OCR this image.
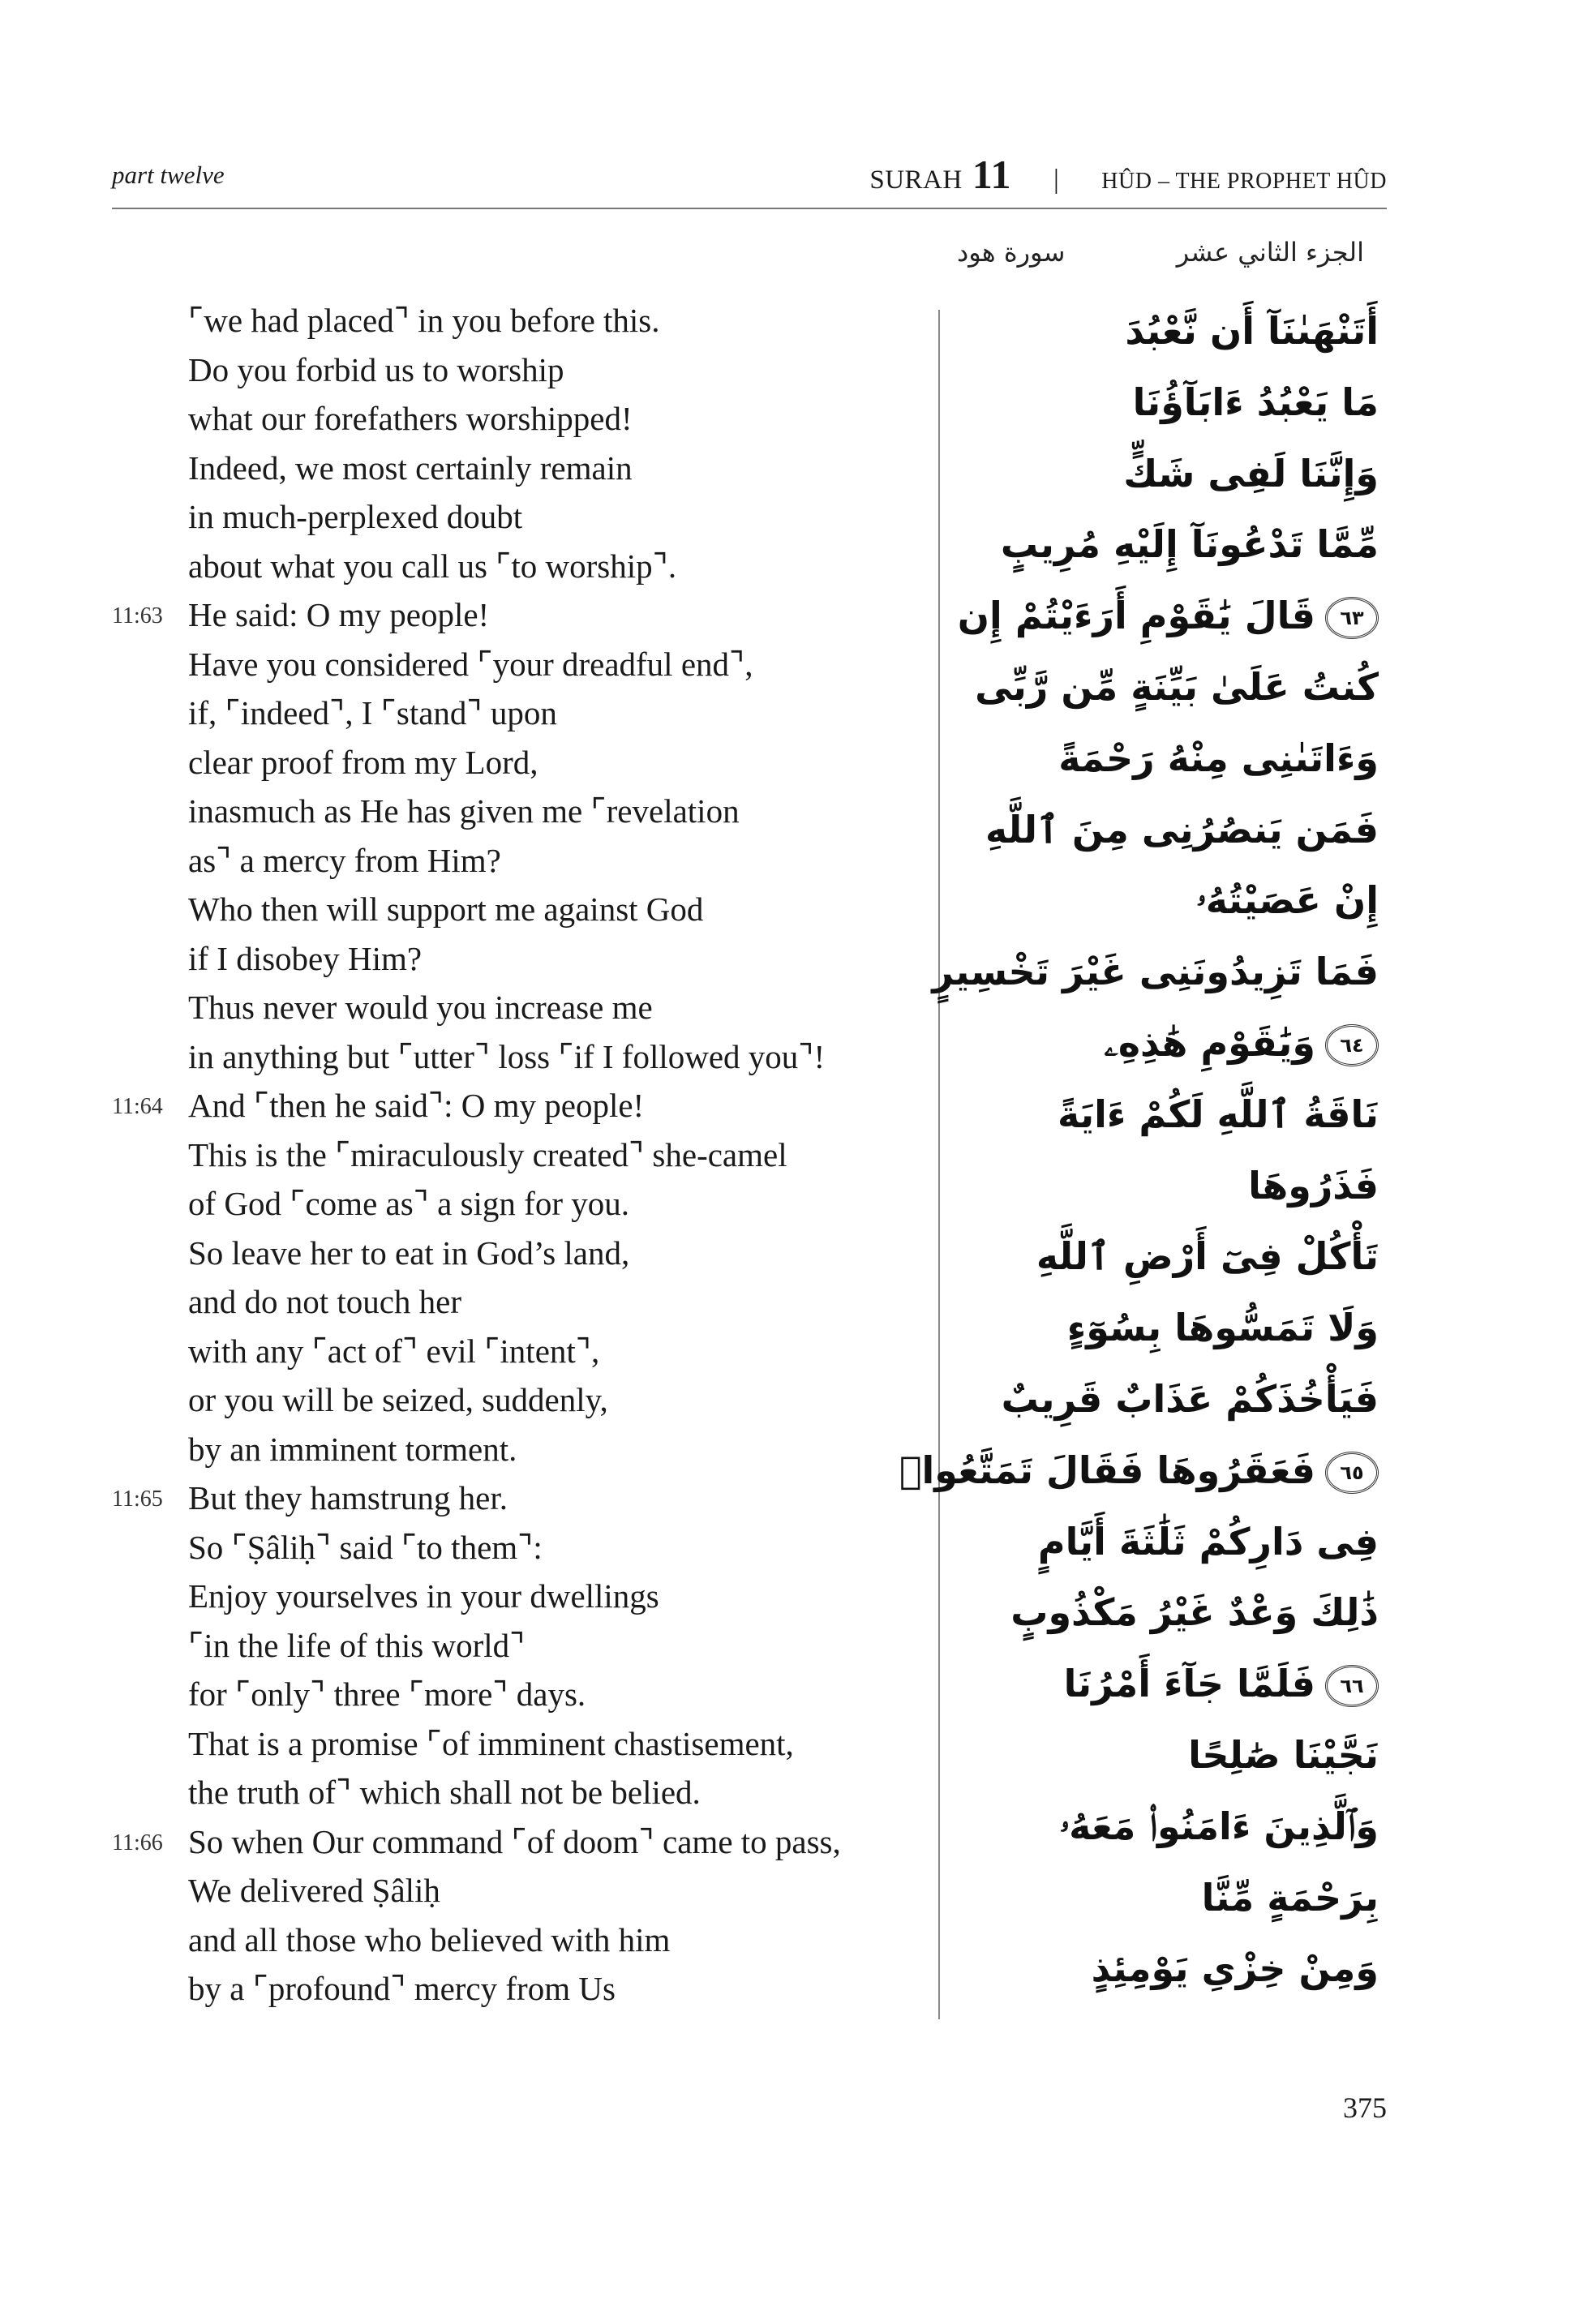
part twelve	SURAH 11 | HÛD – THE PROPHET HÛD
سورة هود	الجزء الثاني عشر
⌜we had placed⌝ in you before this.
Do you forbid us to worship
what our forefathers worshipped!
Indeed, we most certainly remain
in much-perplexed doubt
about what you call us ⌜to worship⌝.
11:63 He said: O my people!
Have you considered ⌜your dreadful end⌝,
if, ⌜indeed⌝, I ⌜stand⌝ upon
clear proof from my Lord,
inasmuch as He has given me ⌜revelation
as⌝ a mercy from Him?
Who then will support me against God
if I disobey Him?
Thus never would you increase me
in anything but ⌜utter⌝ loss ⌜if I followed you⌝!
11:64 And ⌜then he said⌝: O my people!
This is the ⌜miraculously created⌝ she-camel
of God ⌜come as⌝ a sign for you.
So leave her to eat in God’s land,
and do not touch her
with any ⌜act of⌝ evil ⌜intent⌝,
or you will be seized, suddenly,
by an imminent torment.
11:65 But they hamstrung her.
So ⌜Ṣâliḥ⌝ said ⌜to them⌝:
Enjoy yourselves in your dwellings
⌜in the life of this world⌝
for ⌜only⌝ three ⌜more⌝ days.
That is a promise ⌜of imminent chastisement,
the truth of⌝ which shall not be belied.
11:66 So when Our command ⌜of doom⌝ came to pass,
We delivered Ṣâliḥ
and all those who believed with him
by a ⌜profound⌝ mercy from Us
أَتَنْهَىٰنَآ أَن نَّعْبُدَ
مَا يَعْبُدُ ءَابَآؤُنَا
وَإِنَّنَا لَفِى شَكٍّ
مِّمَّا تَدْعُونَآ إِلَيْهِ مُرِيبٍ
٦٣
قَالَ يَٰقَوْمِ أَرَءَيْتُمْ إِن
كُنتُ عَلَىٰ بَيِّنَةٍ مِّن رَّبِّى
وَءَاتَىٰنِى مِنْهُ رَحْمَةً
فَمَن يَنصُرُنِى مِنَ ٱللَّهِ
إِنْ عَصَيْتُهُۥ
فَمَا تَزِيدُونَنِى غَيْرَ تَخْسِيرٍ
٦٤
وَيَٰقَوْمِ هَٰذِهِۦ
نَاقَةُ ٱللَّهِ لَكُمْ ءَايَةً
فَذَرُوهَا
تَأْكُلْ فِىٓ أَرْضِ ٱللَّهِ
وَلَا تَمَسُّوهَا بِسُوٓءٍ
فَيَأْخُذَكُمْ عَذَابٌ قَرِيبٌ
٦٥
فَعَقَرُوهَا فَقَالَ تَمَتَّعُوا۟
فِى دَارِكُمْ ثَلَٰثَةَ أَيَّامٍ
ذَٰلِكَ وَعْدٌ غَيْرُ مَكْذُوبٍ
٦٦
فَلَمَّا جَآءَ أَمْرُنَا
نَجَّيْنَا صَٰلِحًا
وَٱلَّذِينَ ءَامَنُوا۟ مَعَهُۥ
بِرَحْمَةٍ مِّنَّا
وَمِنْ خِزْىِ يَوْمِئِذٍ
375
